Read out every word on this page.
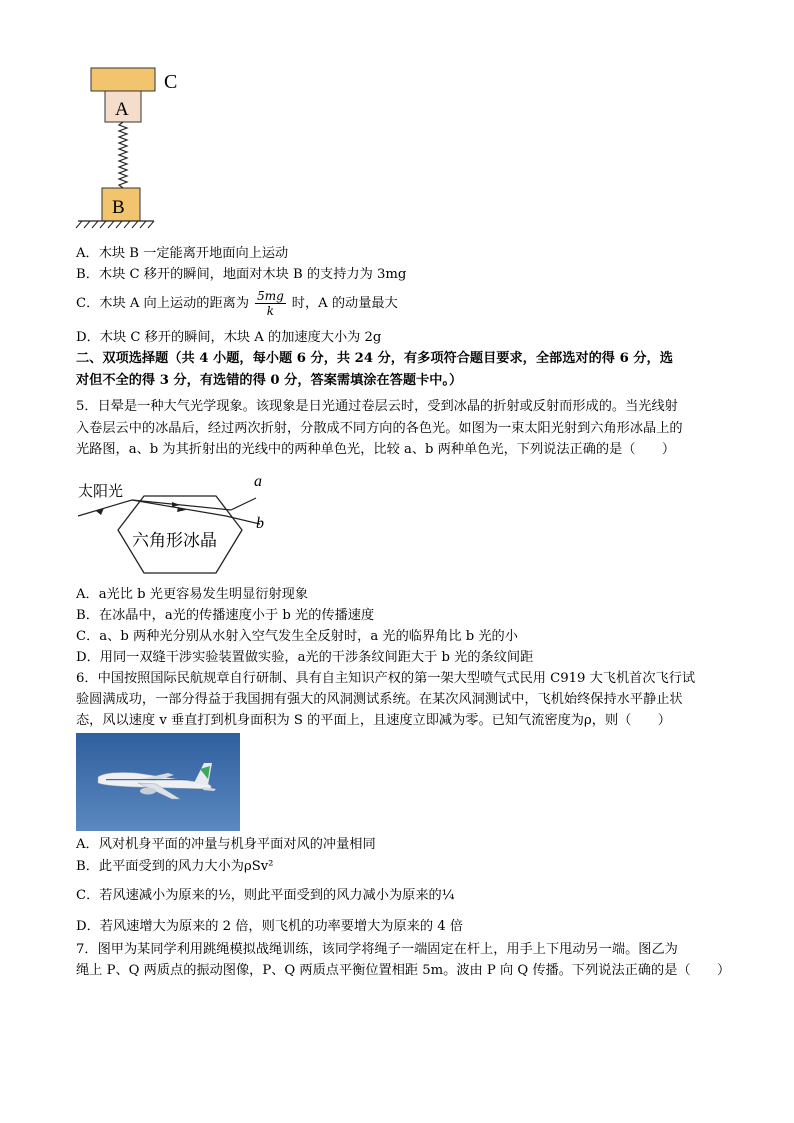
C
A
B
A．木块 B 一定能离开地面向上运动
B．木块 C 移开的瞬间，地面对木块 B 的支持力为 3mg
C．木块 A 向上运动的距离为 $\frac{5mg}{k}$ 时，A 的动量最大
D．木块 C 移开的瞬间，木块 A 的加速度大小为 2g
二、双项选择题（共 4 小题，每小题 6 分，共 24 分，有多项符合题目要求，全部选对的得 6 分，选
对但不全的得 3 分，有选错的得 0 分，答案需填涂在答题卡中。）
5．日晕是一种大气光学现象。该现象是日光通过卷层云时，受到冰晶的折射或反射而形成的。当光线射
入卷层云中的冰晶后，经过两次折射，分散成不同方向的各色光。如图为一束太阳光射到六角形冰晶上的
光路图，a、b 为其折射出的光线中的两种单色光，比较 a、b 两种单色光，下列说法正确的是（　　）
太阳光
六角形冰晶
a
b
A．a光比 b 光更容易发生明显衍射现象
B．在冰晶中，a光的传播速度小于 b 光的传播速度
C．a、b 两种光分别从水射入空气发生全反射时，a 光的临界角比 b 光的小
D．用同一双缝干涉实验装置做实验，a光的干涉条纹间距大于 b 光的条纹间距
6．中国按照国际民航规章自行研制、具有自主知识产权的第一架大型喷气式民用 C919 大飞机首次飞行试
验圆满成功，一部分得益于我国拥有强大的风洞测试系统。在某次风洞测试中，飞机始终保持水平静止状
态，风以速度 v 垂直打到机身面积为 S 的平面上，且速度立即减为零。已知气流密度为ρ，则（　　）
A．风对机身平面的冲量与机身平面对风的冲量相同
B．此平面受到的风力大小为ρSv²
C．若风速减小为原来的½，则此平面受到的风力减小为原来的¼
D．若风速增大为原来的 2 倍，则飞机的功率要增大为原来的 4 倍
7．图甲为某同学利用跳绳模拟战绳训练，该同学将绳子一端固定在杆上，用手上下甩动另一端。图乙为
绳上 P、Q 两质点的振动图像，P、Q 两质点平衡位置相距 5m。波由 P 向 Q 传播。下列说法正确的是（　　）
